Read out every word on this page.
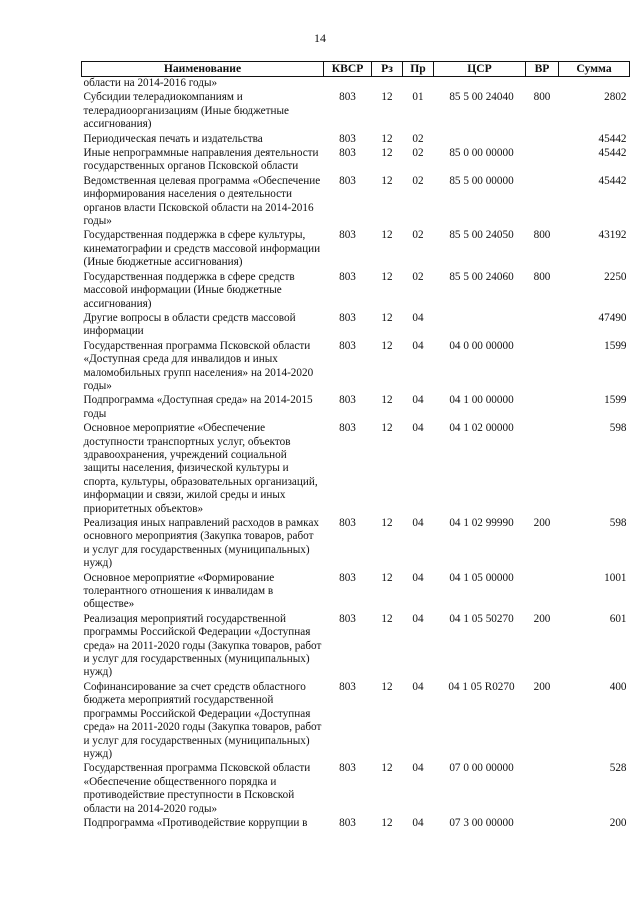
14
Наименование	КВСР	Рз	Пр	ЦСР	ВР	Сумма
области на 2014-2016 годы»						
Субсидии телерадиокомпаниям и телерадиоорганизациям (Иные бюджетные ассигнования)	803	12	01	85 5 00 24040	800	2802
Периодическая печать и издательства	803	12	02			45442
Иные непрограммные направления деятельности государственных органов Псковской области	803	12	02	85 0 00 00000		45442
Ведомственная целевая программа «Обеспечение информирования населения о деятельности органов власти Псковской области на 2014-2016 годы»	803	12	02	85 5 00 00000		45442
Государственная поддержка в сфере культуры, кинематографии и средств массовой информации (Иные бюджетные ассигнования)	803	12	02	85 5 00 24050	800	43192
Государственная поддержка в сфере средств массовой информации (Иные бюджетные ассигнования)	803	12	02	85 5 00 24060	800	2250
Другие вопросы в области средств массовой информации	803	12	04			47490
Государственная программа Псковской области «Доступная среда для инвалидов и иных маломобильных групп населения» на 2014-2020 годы»	803	12	04	04 0 00 00000		1599
Подпрограмма «Доступная среда» на 2014-2015 годы	803	12	04	04 1 00 00000		1599
Основное мероприятие «Обеспечение доступности транспортных услуг, объектов здравоохранения, учреждений социальной защиты населения, физической культуры и спорта, культуры, образовательных организаций, информации и связи, жилой среды и иных приоритетных объектов»	803	12	04	04 1 02 00000		598
Реализация иных направлений расходов в рамках основного мероприятия (Закупка товаров, работ и услуг для государственных (муниципальных) нужд)	803	12	04	04 1 02 99990	200	598
Основное мероприятие «Формирование толерантного отношения к инвалидам в обществе»	803	12	04	04 1 05 00000		1001
Реализация мероприятий государственной программы Российской Федерации «Доступная среда» на 2011-2020 годы (Закупка товаров, работ и услуг для государственных (муниципальных) нужд)	803	12	04	04 1 05 50270	200	601
Софинансирование за счет средств областного бюджета мероприятий государственной программы Российской Федерации «Доступная среда» на 2011-2020 годы (Закупка товаров, работ и услуг для государственных (муниципальных) нужд)	803	12	04	04 1 05 R0270	200	400
Государственная программа Псковской области «Обеспечение общественного порядка и противодействие преступности в Псковской области на 2014-2020 годы»	803	12	04	07 0 00 00000		528
Подпрограмма «Противодействие коррупции в	803	12	04	07 3 00 00000		200
